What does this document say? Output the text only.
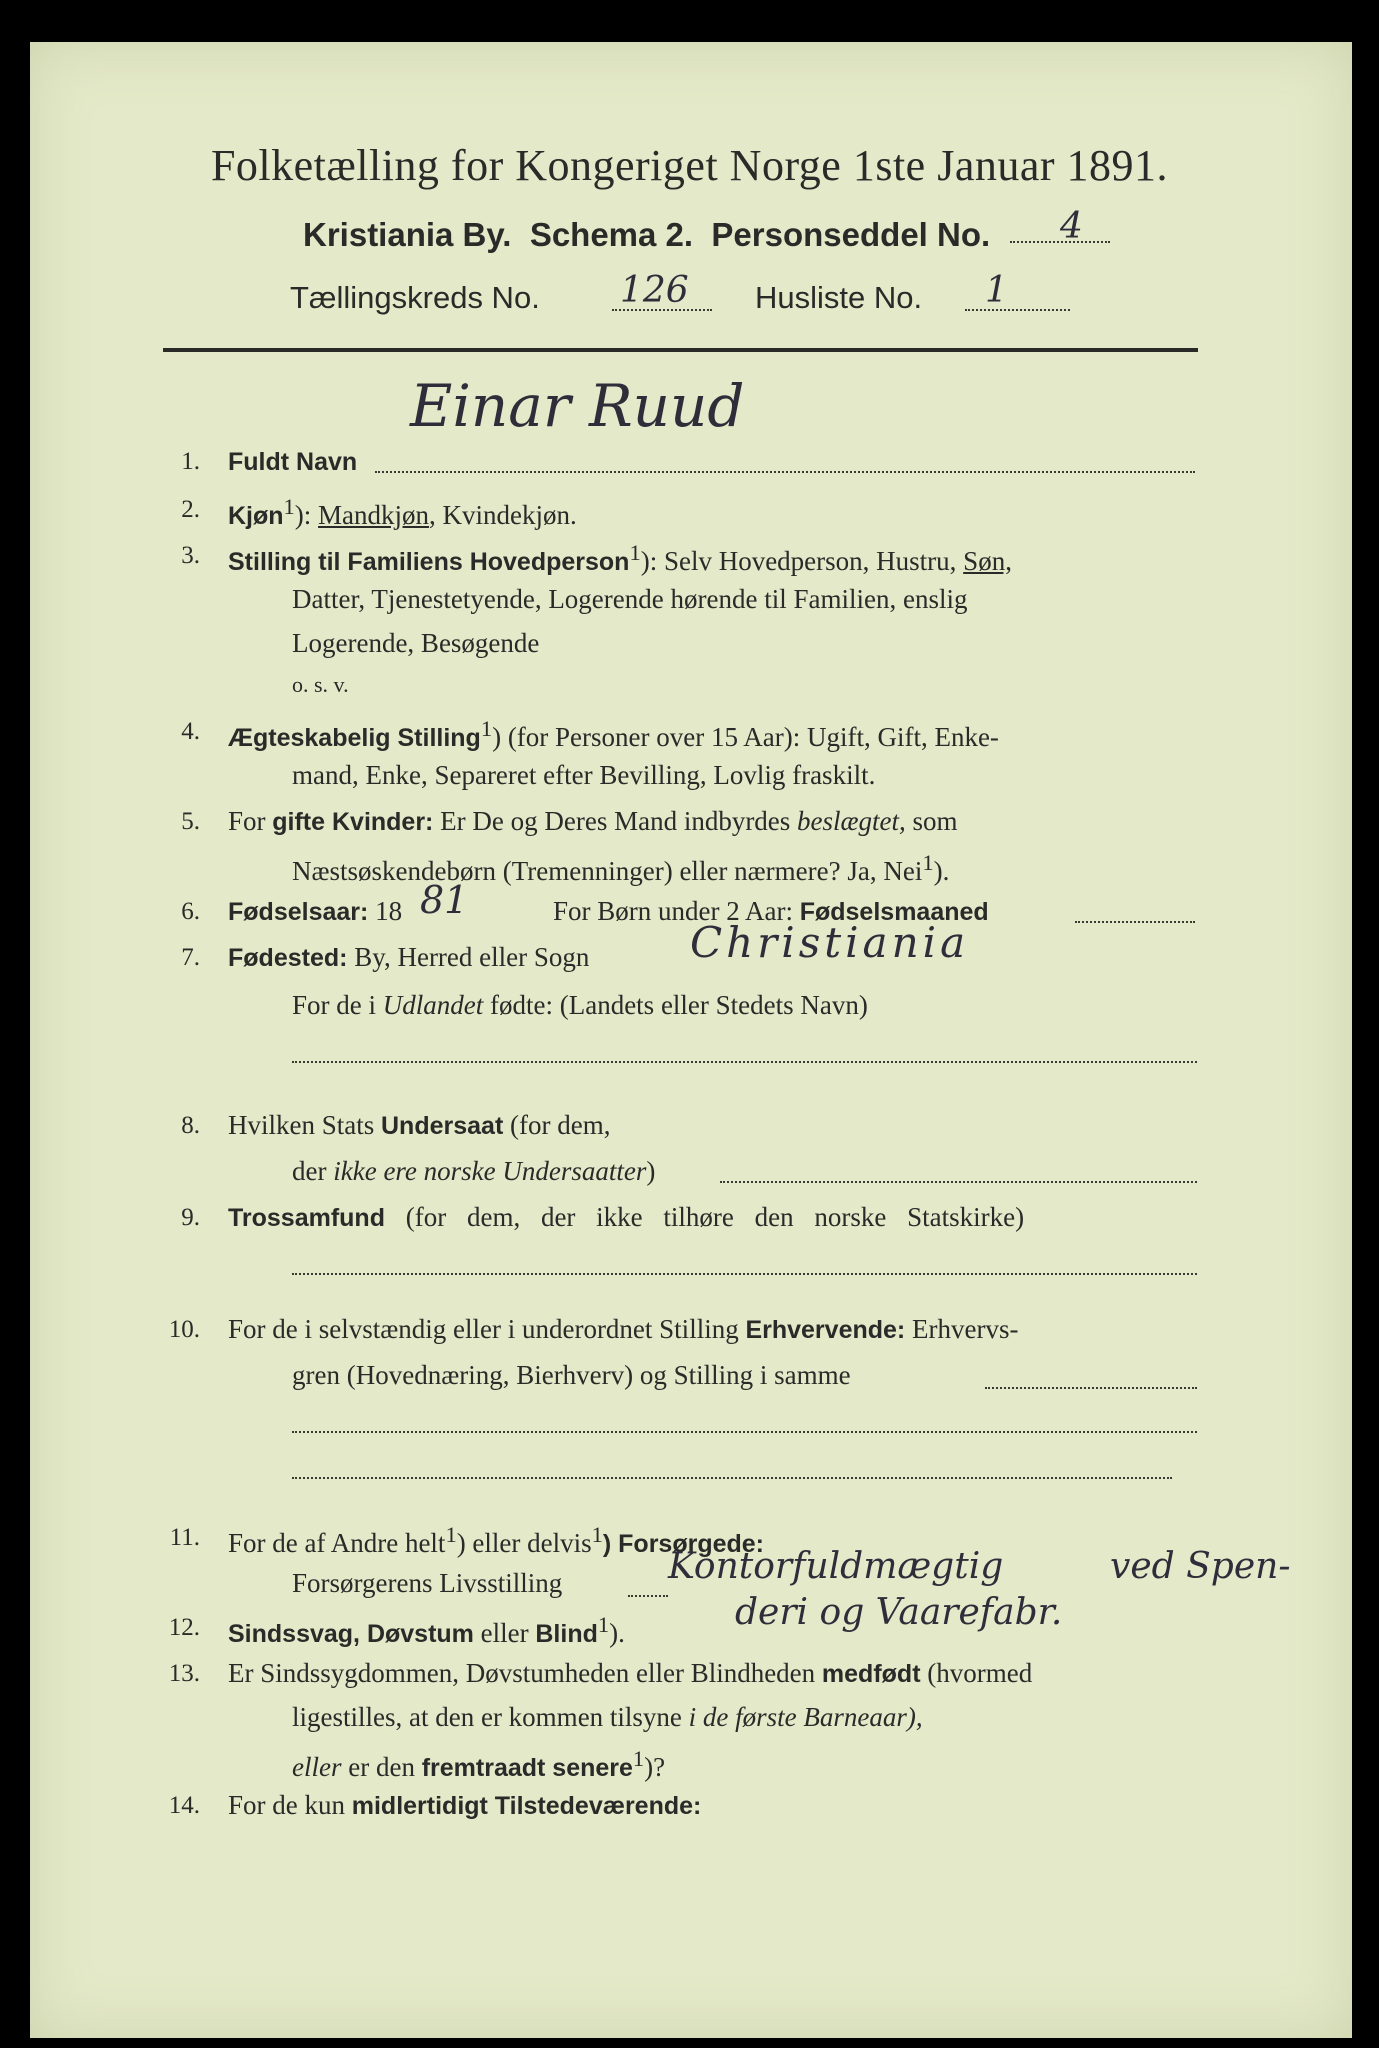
Folketælling for Kongeriget Norge 1ste Januar 1891.
Kristiania By. Schema 2. Personseddel No. 4
Tællingskreds No. 126 Husliste No. 1
1. Fuldt Navn
Einar Ruud
2. Kjøn$^1$): Mandkjøn, Kvindekjøn.
3. Stilling til Familiens Hovedperson$^1$): Selv Hovedperson, Hustru, Søn,
Datter, Tjenestetyende, Logerende hørende til Familien, enslig
Logerende, Besøgende
o. s. v.
4. Ægteskabelig Stilling$^1$) (for Personer over 15 Aar): Ugift, Gift, Enke-
mand, Enke, Separeret efter Bevilling, Lovlig fraskilt.
5. For gifte Kvinder: Er De og Deres Mand indbyrdes beslægtet, som
Næstsøskendebørn (Tremenninger) eller nærmere? Ja, Nei$^1$).
6. Fødselsaar: 18 81	For Børn under 2 Aar: Fødselsmaaned
7. Fødested: By, Herred eller Sogn Christiania
For de i Udlandet fødte: (Landets eller Stedets Navn)
8. Hvilken Stats Undersaat (for dem,
der ikke ere norske Undersaatter)
9. Trossamfund (for dem, der ikke tilhøre den norske Statskirke)
10. For de i selvstændig eller i underordnet Stilling Erhvervende: Erhvervs-
gren (Hovednæring, Bierhverv) og Stilling i samme
11. For de af Andre helt$^1$) eller delvis$^1$) Forsørgede:
Forsørgerens Livsstilling	Kontorfuldmægtig	ved Spen-
12. Sindssvag, Døvstum eller Blind$^1$).	deri og Vaarefabr.
13. Er Sindssygdommen, Døvstumheden eller Blindheden medfødt (hvormed
ligestilles, at den er kommen tilsyne i de første Barneaar),
eller er den fremtraadt senere$^1$)?
14. For de kun midlertidigt Tilstedeværende:
